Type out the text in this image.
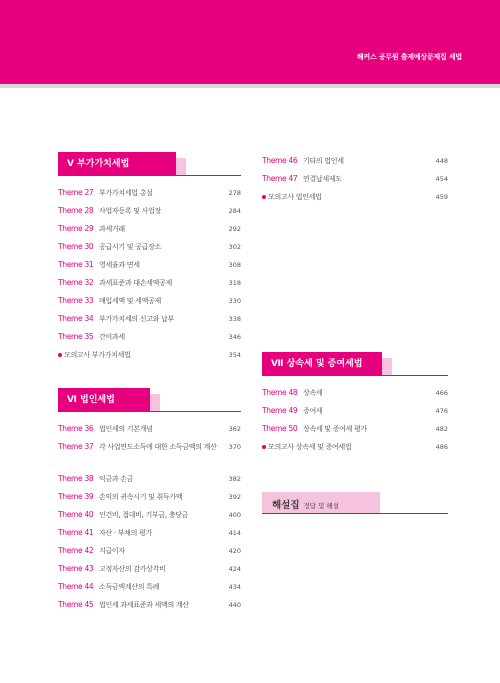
해커스 공무원 출제예상문제집 세법
Ⅴ 부가가치세법
Theme 27 부가가치세법 총설	278
Theme 28 사업자등록 및 사업장	284
Theme 29 과세거래	292
Theme 30 공급시기 및 공급장소	302
Theme 31 영세율과 면세	308
Theme 32 과세표준과 대손세액공제	318
Theme 33 매입세액 및 세액공제	330
Theme 34 부가가치세의 신고와 납부	338
Theme 35 간이과세	346
모의고사 부가가치세법	354
Ⅵ 법인세법
Theme 36 법인세의 기본개념	362
Theme 37 각 사업연도소득에 대한 소득금액의 계산	370
Theme 38 익금과 손금	382
Theme 39 손익의 귀속시기 및 취득가액	392
Theme 40 인건비, 접대비, 기부금, 충당금	400
Theme 41 자산 · 부채의 평가	414
Theme 42 지급이자	420
Theme 43 고정자산의 감가상각비	424
Theme 44 소득금액계산의 특례	434
Theme 45 법인세 과세표준과 세액의 계산	440
Theme 46 기타의 법인세	448
Theme 47 연결납세제도	454
모의고사 법인세법	459
Ⅶ 상속세 및 증여세법
Theme 48 상속세	466
Theme 49 증여세	476
Theme 50 상속세 및 증여세 평가	482
모의고사 상속세 및 증여세법	486
해설집 정답 및 해설
